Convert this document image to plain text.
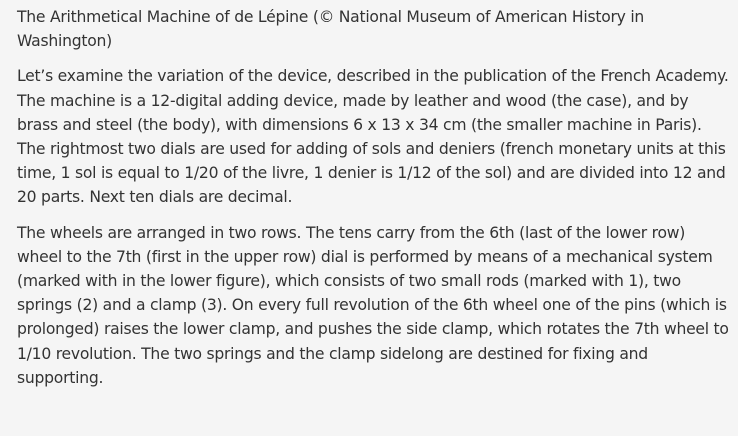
The Arithmetical Machine of de Lépine (© National Museum of American History in Washington)

Let’s examine the variation of the device, described in the publication of the French Academy. The machine is a 12-digital adding device, made by leather and wood (the case), and by brass and steel (the body), with dimensions 6 x 13 x 34 cm (the smaller machine in Paris). The rightmost two dials are used for adding of sols and deniers (french monetary units at this time, 1 sol is equal to 1/20 of the livre, 1 denier is 1/12 of the sol) and are divided into 12 and 20 parts. Next ten dials are decimal.

The wheels are arranged in two rows. The tens carry from the 6th (last of the lower row) wheel to the 7th (first in the upper row) dial is performed by means of a mechanical system (marked with in the lower figure), which consists of two small rods (marked with 1), two springs (2) and a clamp (3). On every full revolution of the 6th wheel one of the pins (which is prolonged) raises the lower clamp, and pushes the side clamp, which rotates the 7th wheel to 1/10 revolution. The two springs and the clamp sidelong are destined for fixing and supporting.
